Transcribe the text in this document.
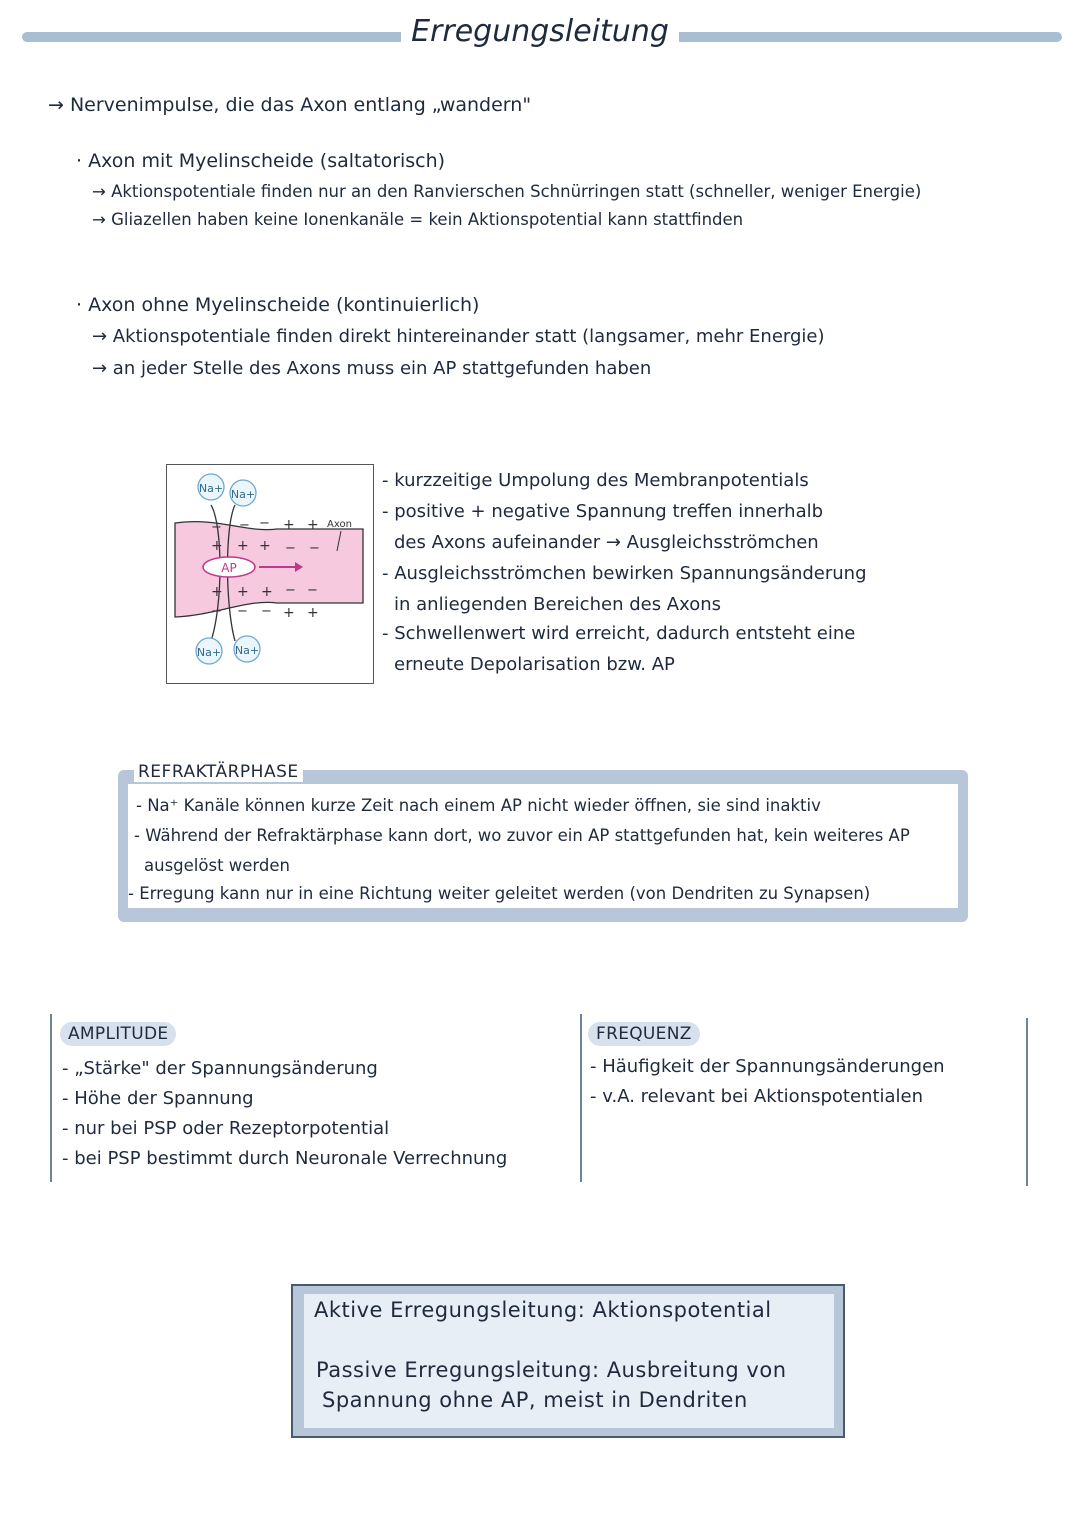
Erregungsleitung
→ Nervenimpulse, die das Axon entlang „wandern"
· Axon mit Myelinscheide (saltatorisch)
→ Aktionspotentiale finden nur an den Ranvierschen Schnürringen statt (schneller, weniger Energie)
→ Gliazellen haben keine Ionenkanäle = kein Aktionspotential kann stattfinden
· Axon ohne Myelinscheide (kontinuierlich)
→ Aktionspotentiale finden direkt hintereinander statt (langsamer, mehr Energie)
→ an jeder Stelle des Axons muss ein AP stattgefunden haben
AP
Na+ Na+
Na+ Na+
− − − + + Axon
+ + + − −
+ + + − −
− − − + +
- kurzzeitige Umpolung des Membranpotentials
- positive + negative Spannung treffen innerhalb
des Axons aufeinander → Ausgleichsströmchen
- Ausgleichsströmchen bewirken Spannungsänderung
in anliegenden Bereichen des Axons
- Schwellenwert wird erreicht, dadurch entsteht eine
erneute Depolarisation bzw. AP
REFRAKTÄRPHASE
- Na⁺ Kanäle können kurze Zeit nach einem AP nicht wieder öffnen, sie sind inaktiv
- Während der Refraktärphase kann dort, wo zuvor ein AP stattgefunden hat, kein weiteres AP
ausgelöst werden
- Erregung kann nur in eine Richtung weiter geleitet werden (von Dendriten zu Synapsen)
AMPLITUDE
- „Stärke" der Spannungsänderung
- Höhe der Spannung
- nur bei PSP oder Rezeptorpotential
- bei PSP bestimmt durch Neuronale Verrechnung
FREQUENZ
- Häufigkeit der Spannungsänderungen
- v.A. relevant bei Aktionspotentialen
Aktive Erregungsleitung: Aktionspotential
Passive Erregungsleitung: Ausbreitung von
Spannung ohne AP, meist in Dendriten
